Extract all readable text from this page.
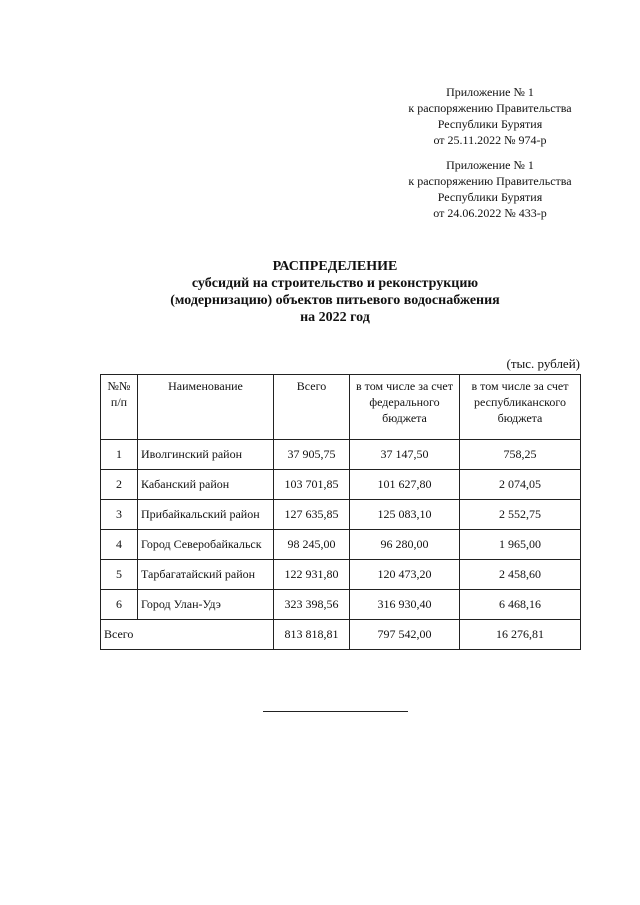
Приложение № 1
к распоряжению Правительства
Республики Бурятия
от 25.11.2022 № 974-р
Приложение № 1
к распоряжению Правительства
Республики Бурятия
от 24.06.2022 № 433-р
РАСПРЕДЕЛЕНИЕ
субсидий на строительство и реконструкцию
(модернизацию) объектов питьевого водоснабжения
на 2022 год
(тыс. рублей)
№№ п/п	Наименование	Всего	в том числе за счет федерального бюджета	в том числе за счет республиканского бюджета
1	Иволгинский район	37 905,75	37 147,50	758,25
2	Кабанский район	103 701,85	101 627,80	2 074,05
3	Прибайкальский район	127 635,85	125 083,10	2 552,75
4	Город Северобайкальск	98 245,00	96 280,00	1 965,00
5	Тарбагатайский район	122 931,80	120 473,20	2 458,60
6	Город Улан-Удэ	323 398,56	316 930,40	6 468,16
Всего		813 818,81	797 542,00	16 276,81
